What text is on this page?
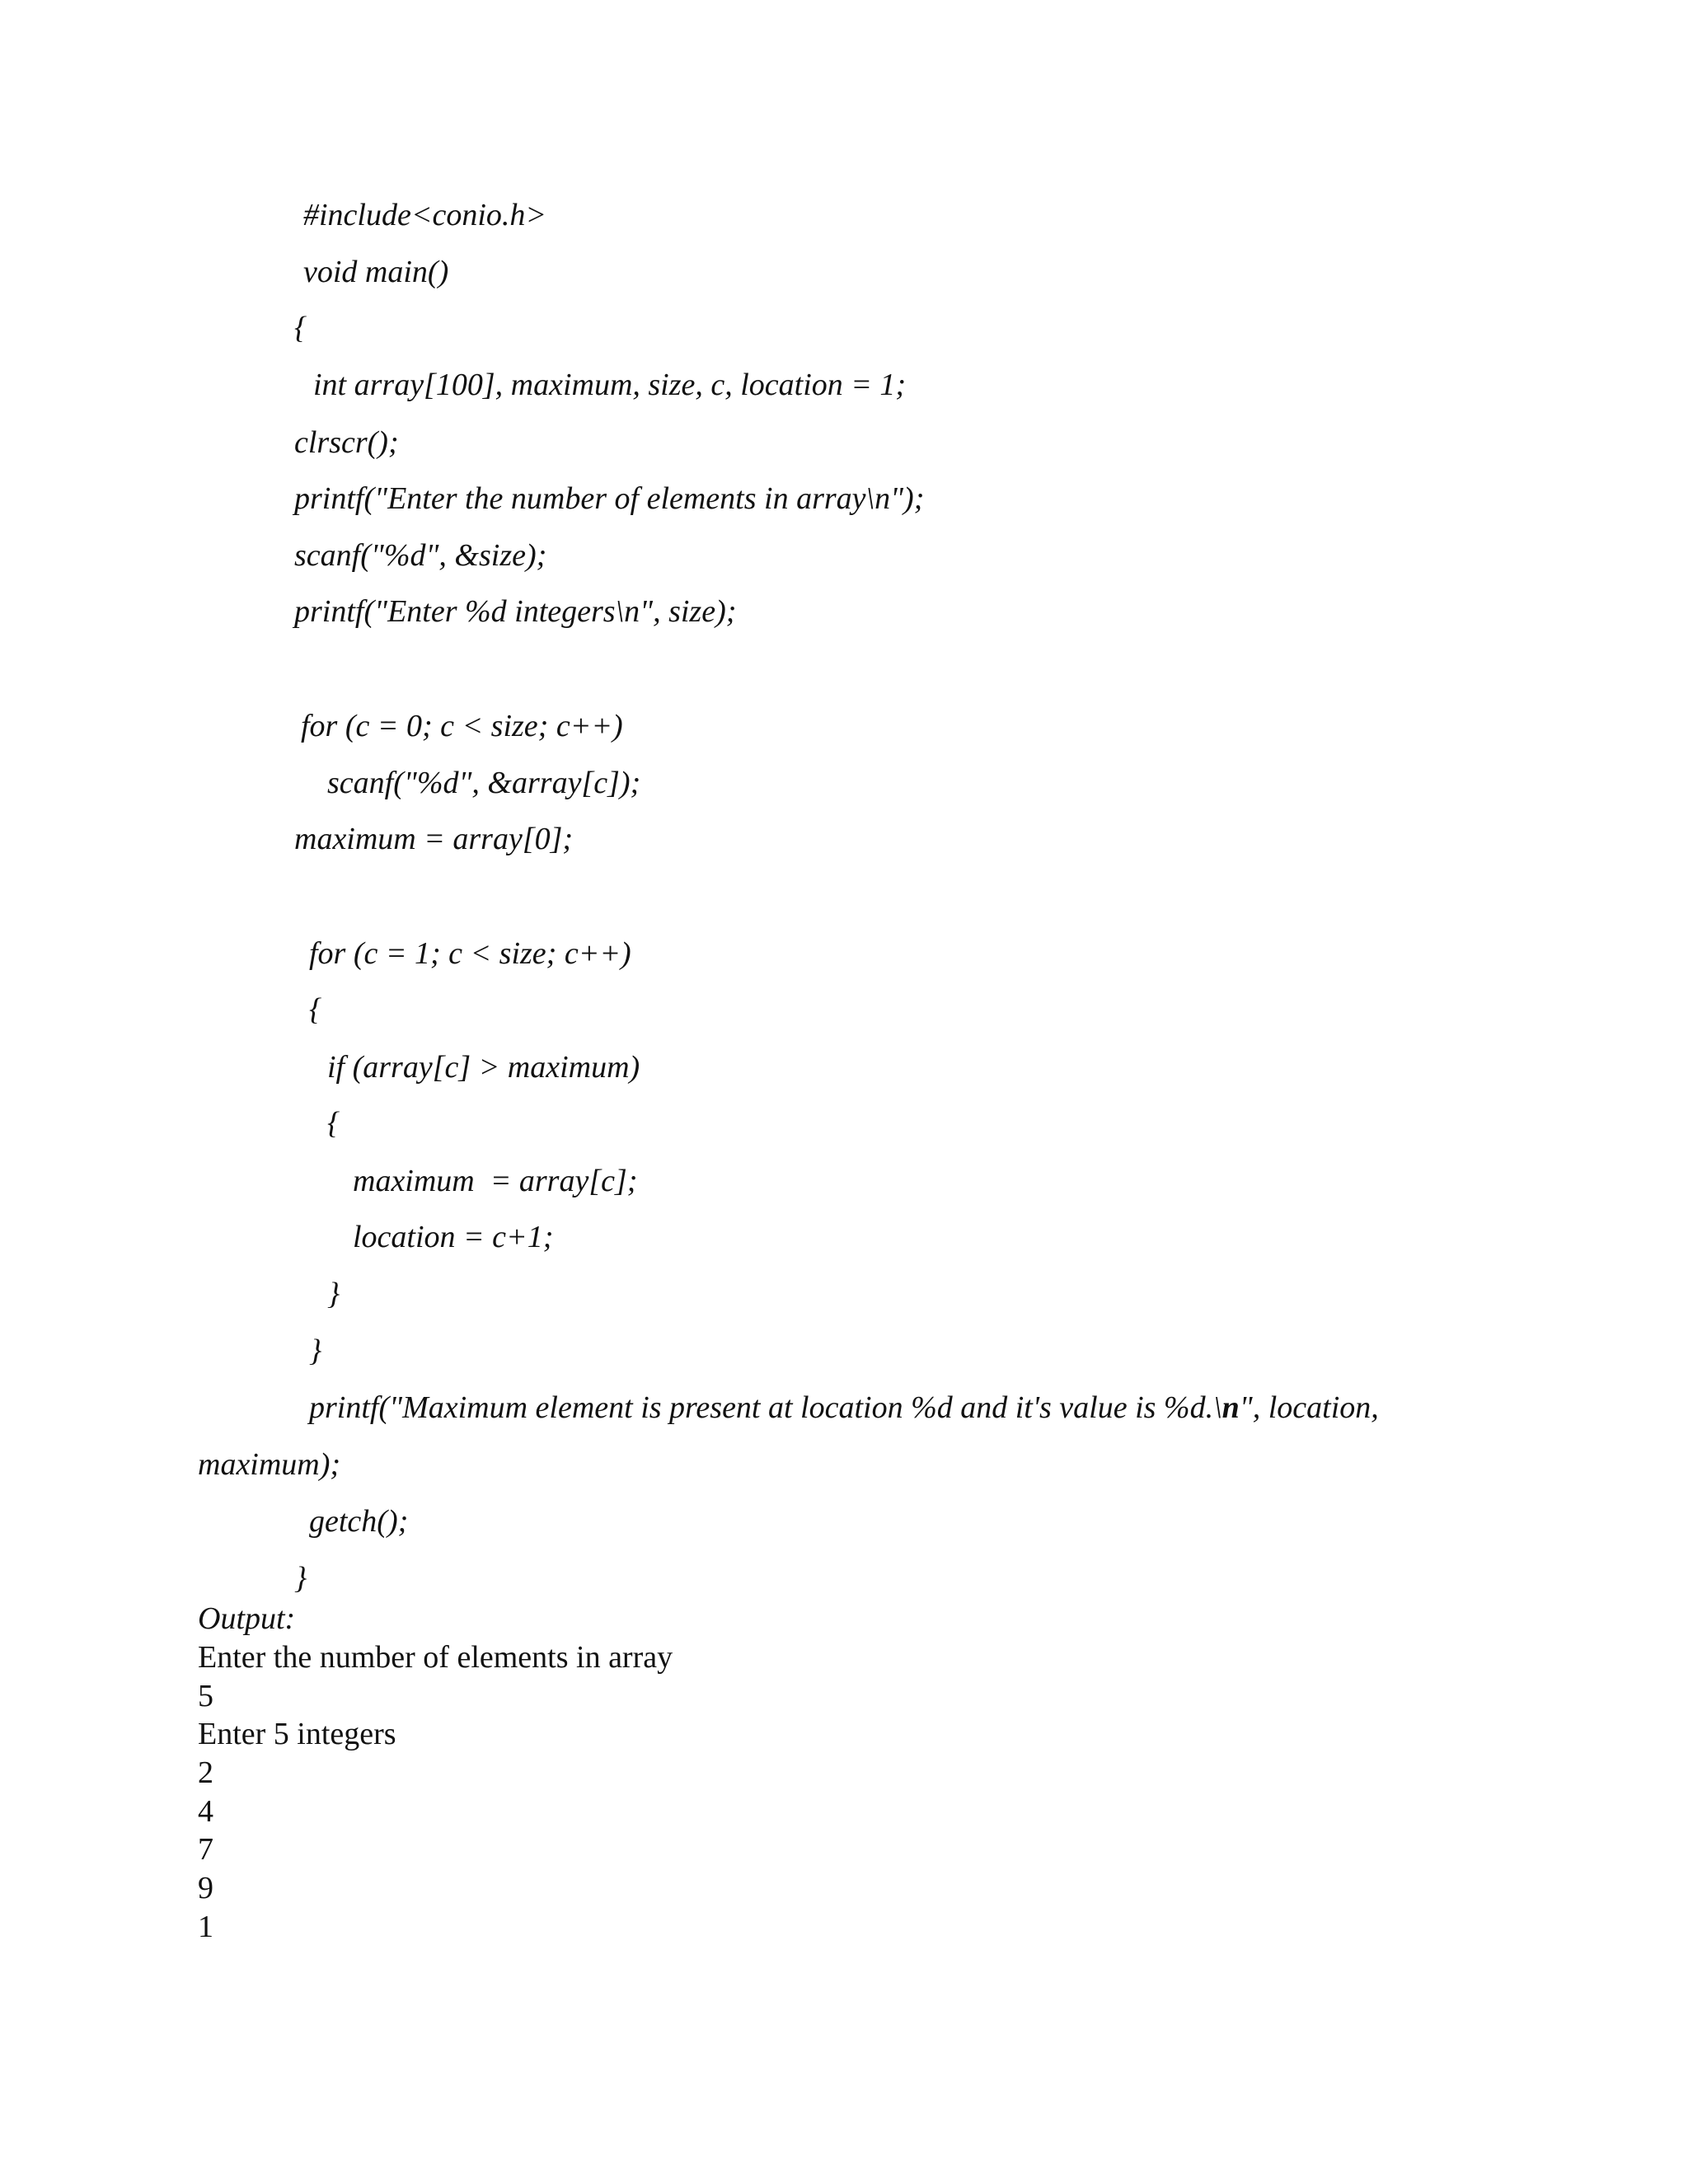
#include<conio.h>
void main()
{
int array[100], maximum, size, c, location = 1;
clrscr();
printf("Enter the number of elements in array\n");
scanf("%d", &size);
printf("Enter %d integers\n", size);
for (c = 0; c < size; c++)
scanf("%d", &array[c]);
maximum = array[0];
for (c = 1; c < size; c++)
{
if (array[c] > maximum)
{
maximum  = array[c];
location = c+1;
}
}
printf("Maximum element is present at location %d and it's value is %d.\n", location,
maximum);
getch();
}
Output:
Enter the number of elements in array
5
Enter 5 integers
2
4
7
9
1
